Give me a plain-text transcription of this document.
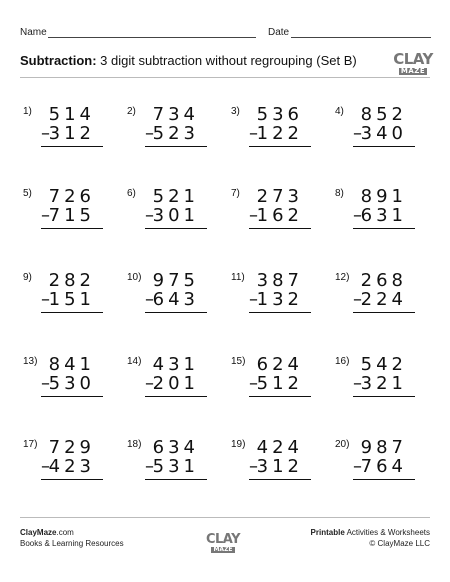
Name	Date
Subtraction: 3 digit subtraction without regrouping (Set B) CLAY
MAZE
1) 514
–
312
2) 734
–
523
3) 536
–
122
4) 852
–
340
5) 726
–
715
6) 521
–
301
7) 273
–
162
8) 891
–
631
9) 282
–
151
10) 975
–
643
11) 387
–
132
12) 268
–
224
13) 841
–
530
14) 431
–
201
15) 624
–
512
16) 542
–
321
17) 729
–
423
18) 634
–
531
19) 424
–
312
20) 987
–
764
ClayMaze.com
Books & Learning Resources	CLAY
MAZE
Printable Activities & Worksheets
© ClayMaze LLC
